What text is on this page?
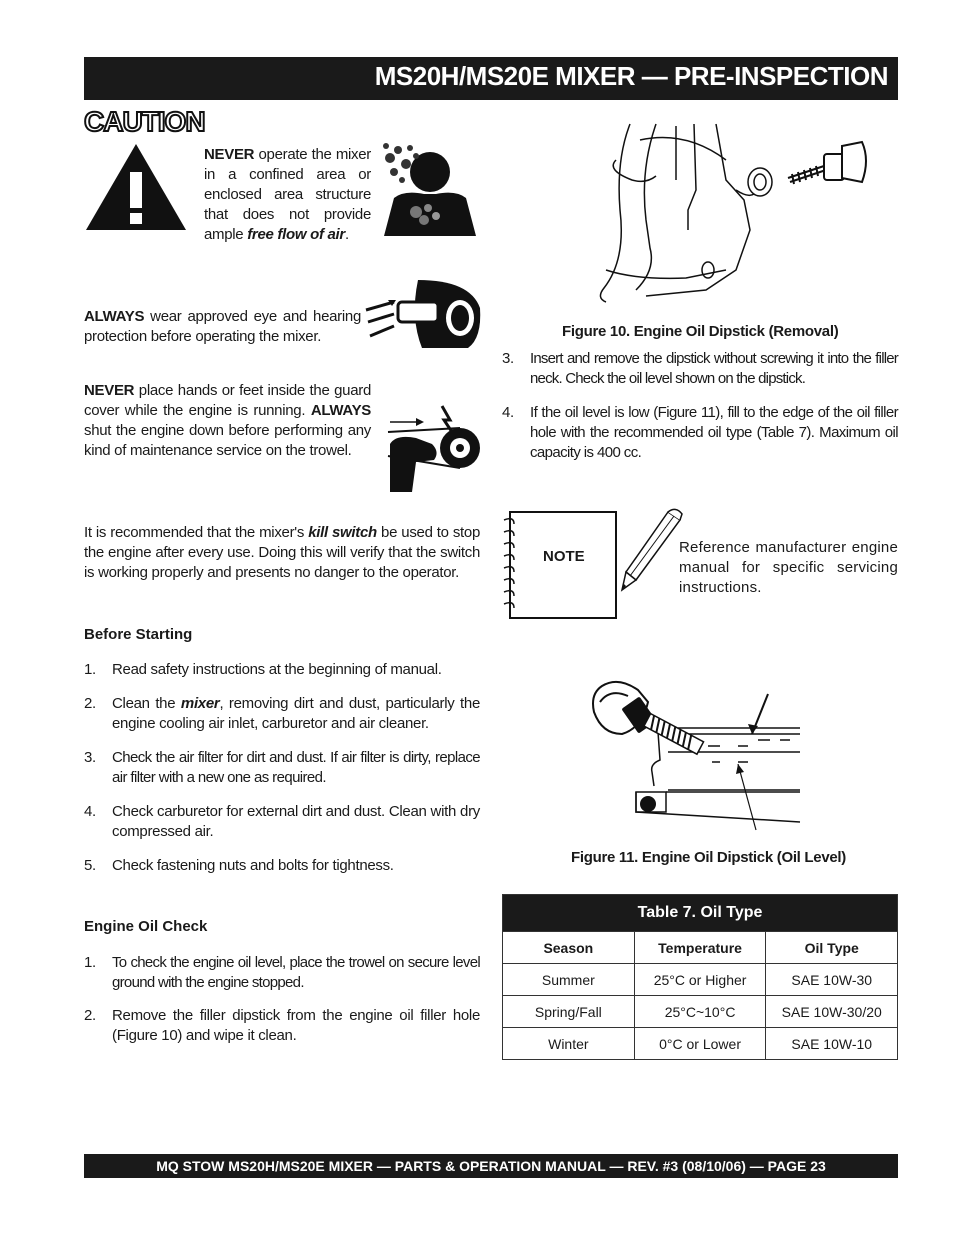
MS20H/MS20E MIXER — PRE-INSPECTION
CAUTION
NEVER operate the mixer in a confined area or enclosed area structure that does not provide ample free flow of air.
ALWAYS wear approved eye and hearing protection before operating the mixer.
NEVER place hands or feet inside the guard cover while the engine is running. ALWAYS shut the engine down before performing any kind of maintenance service on the trowel.
It is recommended that the mixer's kill switch be used to stop the engine after every use. Doing this will verify that the switch is working properly and presents no danger to the operator.
Before Starting
1. Read safety instructions at the beginning of manual.
2. Clean the mixer, removing dirt and dust, particularly the engine cooling air inlet, carburetor and air cleaner.
3. Check the air filter for dirt and dust. If air filter is dirty, replace air filter with a new one as required.
4. Check carburetor for external dirt and dust. Clean with dry compressed air.
5. Check fastening nuts and bolts for tightness.
Engine Oil Check
1. To check the engine oil level, place the trowel on secure level ground with the engine stopped.
2. Remove the filler dipstick from the engine oil filler hole (Figure 10) and wipe it clean.
Figure 10. Engine Oil Dipstick (Removal)
3. Insert and remove the dipstick without screwing it into the filler neck. Check the oil level shown on the dipstick.
4. If the oil level is low (Figure 11), fill to the edge of the oil filler hole with the recommended oil type (Table 7). Maximum oil capacity is 400 cc.
NOTE
Reference manufacturer engine manual for specific servicing instructions.
Figure 11. Engine Oil Dipstick (Oil Level)
Table 7. Oil Type		
Season	Temperature	Oil Type
Summer	25°C or Higher	SAE 10W-30
Spring/Fall	25°C~10°C	SAE 10W-30/20
Winter	0°C or Lower	SAE 10W-10
MQ STOW MS20H/MS20E MIXER — PARTS & OPERATION MANUAL — REV. #3 (08/10/06) — PAGE 23
